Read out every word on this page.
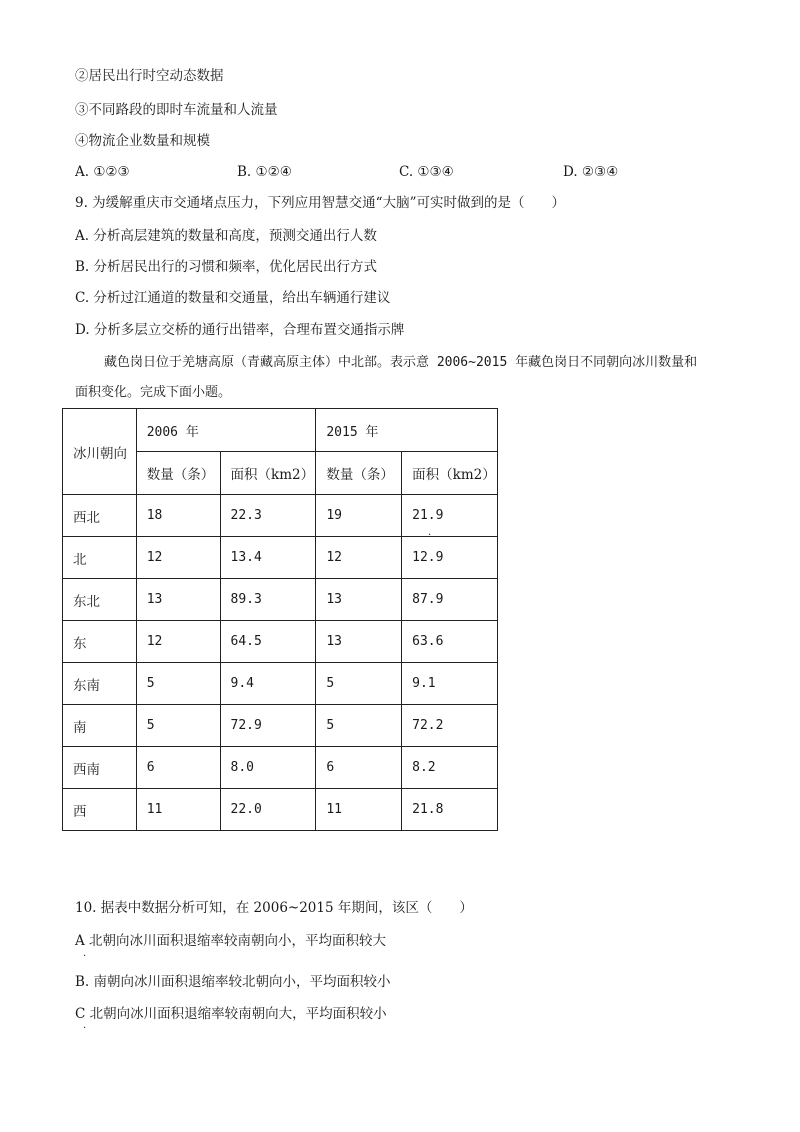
②居民出行时空动态数据
③不同路段的即时车流量和人流量
④物流企业数量和规模
A. ①②③	B. ①②④	C. ①③④	D. ②③④
9. 为缓解重庆市交通堵点压力，下列应用智慧交通“大脑”可实时做到的是（　　）
A. 分析高层建筑的数量和高度，预测交通出行人数
B. 分析居民出行的习惯和频率，优化居民出行方式
C. 分析过江通道的数量和交通量，给出车辆通行建议
D. 分析多层立交桥的通行出错率，合理布置交通指示牌
藏色岗日位于羌塘高原（青藏高原主体）中北部。表示意 2006~2015 年藏色岗日不同朝向冰川数量和
面积变化。完成下面小题。
冰川朝向	2006 年		2015 年	
	数量（条）	面积（km2）	数量（条）	面积（km2）
西北	18	22.3	19	21.9
北	12	13.4	12	12.9
东北	13	89.3	13	87.9
东	12	64.5	13	63.6
东南	5	9.4	5	9.1
南	5	72.9	5	72.2
西南	6	8.0	6	8.2
西	11	22.0	11	21.8
10. 据表中数据分析可知，在 2006~2015 年期间，该区（　　）
A 北朝向冰川面积退缩率较南朝向小，平均面积较大
B. 南朝向冰川面积退缩率较北朝向小，平均面积较小
C 北朝向冰川面积退缩率较南朝向大，平均面积较小
·
·
·
